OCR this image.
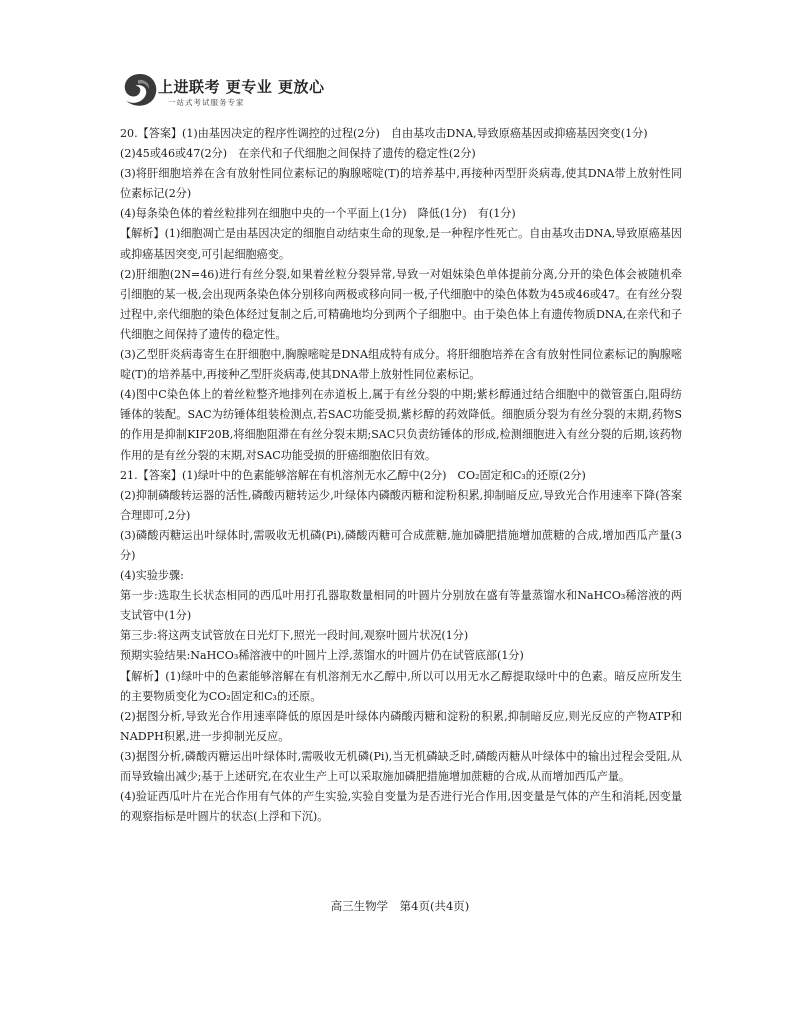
上进联考 更专业 更放心
一站式考试服务专家

20.【答案】(1)由基因决定的程序性调控的过程(2分)　自由基攻击DNA,导致原癌基因或抑癌基因突变(1分)

(2)45或46或47(2分)　在亲代和子代细胞之间保持了遗传的稳定性(2分)

(3)将肝细胞培养在含有放射性同位素标记的胸腺嘧啶(T)的培养基中,再接种丙型肝炎病毒,使其DNA带上放射性同位素标记(2分)

(4)每条染色体的着丝粒排列在细胞中央的一个平面上(1分)　降低(1分)　有(1分)

【解析】(1)细胞凋亡是由基因决定的细胞自动结束生命的现象,是一种程序性死亡。自由基攻击DNA,导致原癌基因或抑癌基因突变,可引起细胞癌变。

(2)肝细胞(2N=46)进行有丝分裂,如果着丝粒分裂异常,导致一对姐妹染色单体提前分离,分开的染色体会被随机牵引细胞的某一极,会出现两条染色体分别移向两极或移向同一极,子代细胞中的染色体数为45或46或47。在有丝分裂过程中,亲代细胞的染色体经过复制之后,可精确地均分到两个子细胞中。由于染色体上有遗传物质DNA,在亲代和子代细胞之间保持了遗传的稳定性。

(3)乙型肝炎病毒寄生在肝细胞中,胸腺嘧啶是DNA组成特有成分。将肝细胞培养在含有放射性同位素标记的胸腺嘧啶(T)的培养基中,再接种乙型肝炎病毒,使其DNA带上放射性同位素标记。

(4)图中C染色体上的着丝粒整齐地排列在赤道板上,属于有丝分裂的中期;紫杉醇通过结合细胞中的微管蛋白,阻碍纺锤体的装配。SAC为纺锤体组装检测点,若SAC功能受损,紫杉醇的药效降低。细胞质分裂为有丝分裂的末期,药物S的作用是抑制KIF20B,将细胞阻滞在有丝分裂末期;SAC只负责纺锤体的形成,检测细胞进入有丝分裂的后期,该药物作用的是有丝分裂的末期,对SAC功能受损的肝癌细胞依旧有效。

21.【答案】(1)绿叶中的色素能够溶解在有机溶剂无水乙醇中(2分)　CO₂固定和C₃的还原(2分)

(2)抑制磷酸转运器的活性,磷酸丙糖转运少,叶绿体内磷酸丙糖和淀粉积累,抑制暗反应,导致光合作用速率下降(答案合理即可,2分)

(3)磷酸丙糖运出叶绿体时,需吸收无机磷(Pi),磷酸丙糖可合成蔗糖,施加磷肥措施增加蔗糖的合成,增加西瓜产量(3分)

(4)实验步骤:

第一步:选取生长状态相同的西瓜叶用打孔器取数量相同的叶圆片分别放在盛有等量蒸馏水和NaHCO₃稀溶液的两支试管中(1分)

第三步:将这两支试管放在日光灯下,照光一段时间,观察叶圆片状况(1分)

预期实验结果:NaHCO₃稀溶液中的叶圆片上浮,蒸馏水的叶圆片仍在试管底部(1分)

【解析】(1)绿叶中的色素能够溶解在有机溶剂无水乙醇中,所以可以用无水乙醇提取绿叶中的色素。暗反应所发生的主要物质变化为CO₂固定和C₃的还原。

(2)据图分析,导致光合作用速率降低的原因是叶绿体内磷酸丙糖和淀粉的积累,抑制暗反应,则光反应的产物ATP和NADPH积累,进一步抑制光反应。

(3)据图分析,磷酸丙糖运出叶绿体时,需吸收无机磷(Pi),当无机磷缺乏时,磷酸丙糖从叶绿体中的输出过程会受阻,从而导致输出减少;基于上述研究,在农业生产上可以采取施加磷肥措施增加蔗糖的合成,从而增加西瓜产量。

(4)验证西瓜叶片在光合作用有气体的产生实验,实验自变量为是否进行光合作用,因变量是气体的产生和消耗,因变量的观察指标是叶圆片的状态(上浮和下沉)。

高三生物学　第4页(共4页)
